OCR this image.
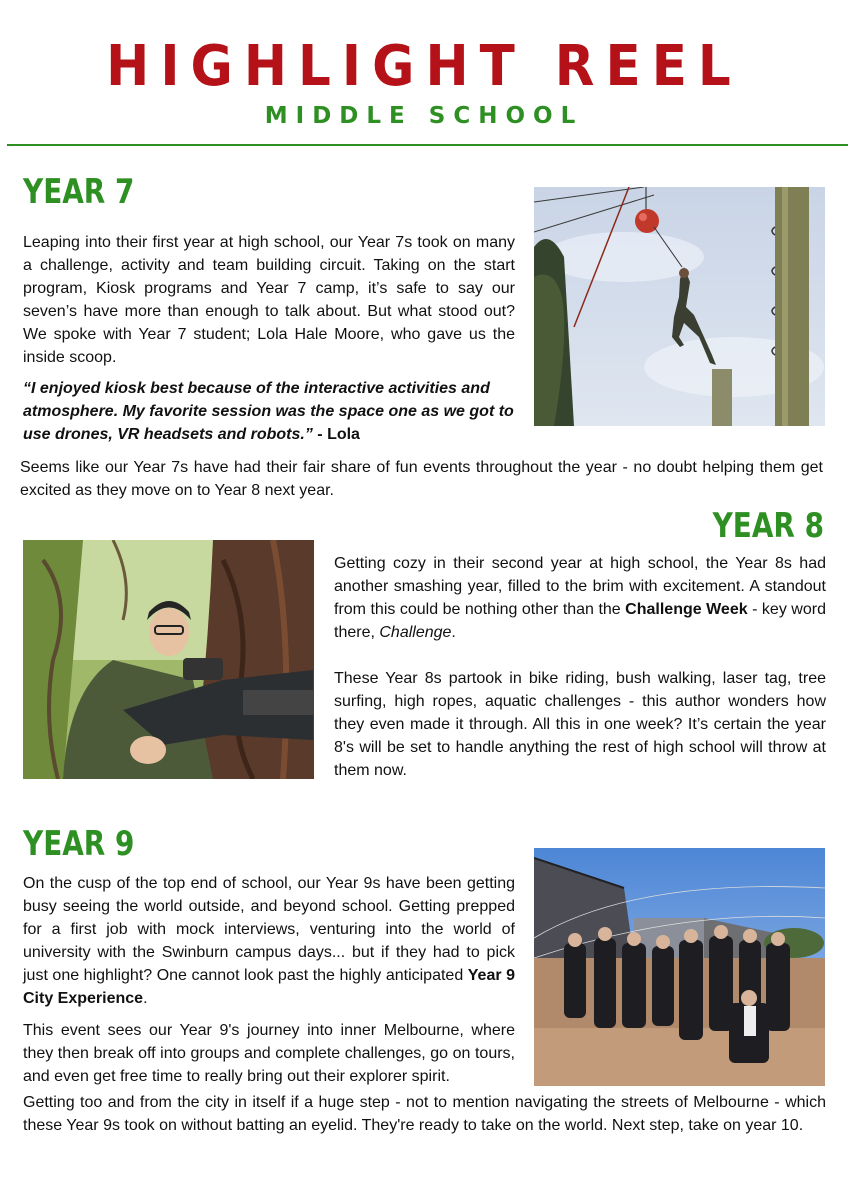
HIGHLIGHT REEL
MIDDLE SCHOOL
YEAR 7

Leaping into their first year at high school, our Year 7s took on many a challenge, activity and team building circuit. Taking on the start program, Kiosk programs and Year 7 camp, it’s safe to say our seven’s have more than enough to talk about. But what stood out? We spoke with Year 7 student; Lola Hale Moore, who gave us the inside scoop.

“I enjoyed kiosk best because of the interactive activities and atmosphere. My favorite session was the space one as we got to use drones, VR headsets and robots.” - Lola

Seems like our Year 7s have had their fair share of fun events throughout the year - no doubt helping them get excited as they move on to Year 8 next year.

YEAR 8

Getting cozy in their second year at high school, the Year 8s had another smashing year, filled to the brim with excitement. A standout from this could be nothing other than the Challenge Week - key word there, Challenge.

These Year 8s partook in bike riding, bush walking, laser tag, tree surfing, high ropes, aquatic challenges - this author wonders how they even made it through. All this in one week? It’s certain the year 8's will be set to handle anything the rest of high school will throw at them now.

YEAR 9

On the cusp of the top end of school, our Year 9s have been getting busy seeing the world outside, and beyond school. Getting prepped for a first job with mock interviews, venturing into the world of university with the Swinburn campus days... but if they had to pick just one highlight? One cannot look past the highly anticipated Year 9 City Experience.

This event sees our Year 9's journey into inner Melbourne, where they then break off into groups and complete challenges, go on tours, and even get free time to really bring out their explorer spirit.

Getting too and from the city in itself if a huge step - not to mention navigating the streets of Melbourne - which these Year 9s took on without batting an eyelid. They're ready to take on the world. Next step, take on year 10.
